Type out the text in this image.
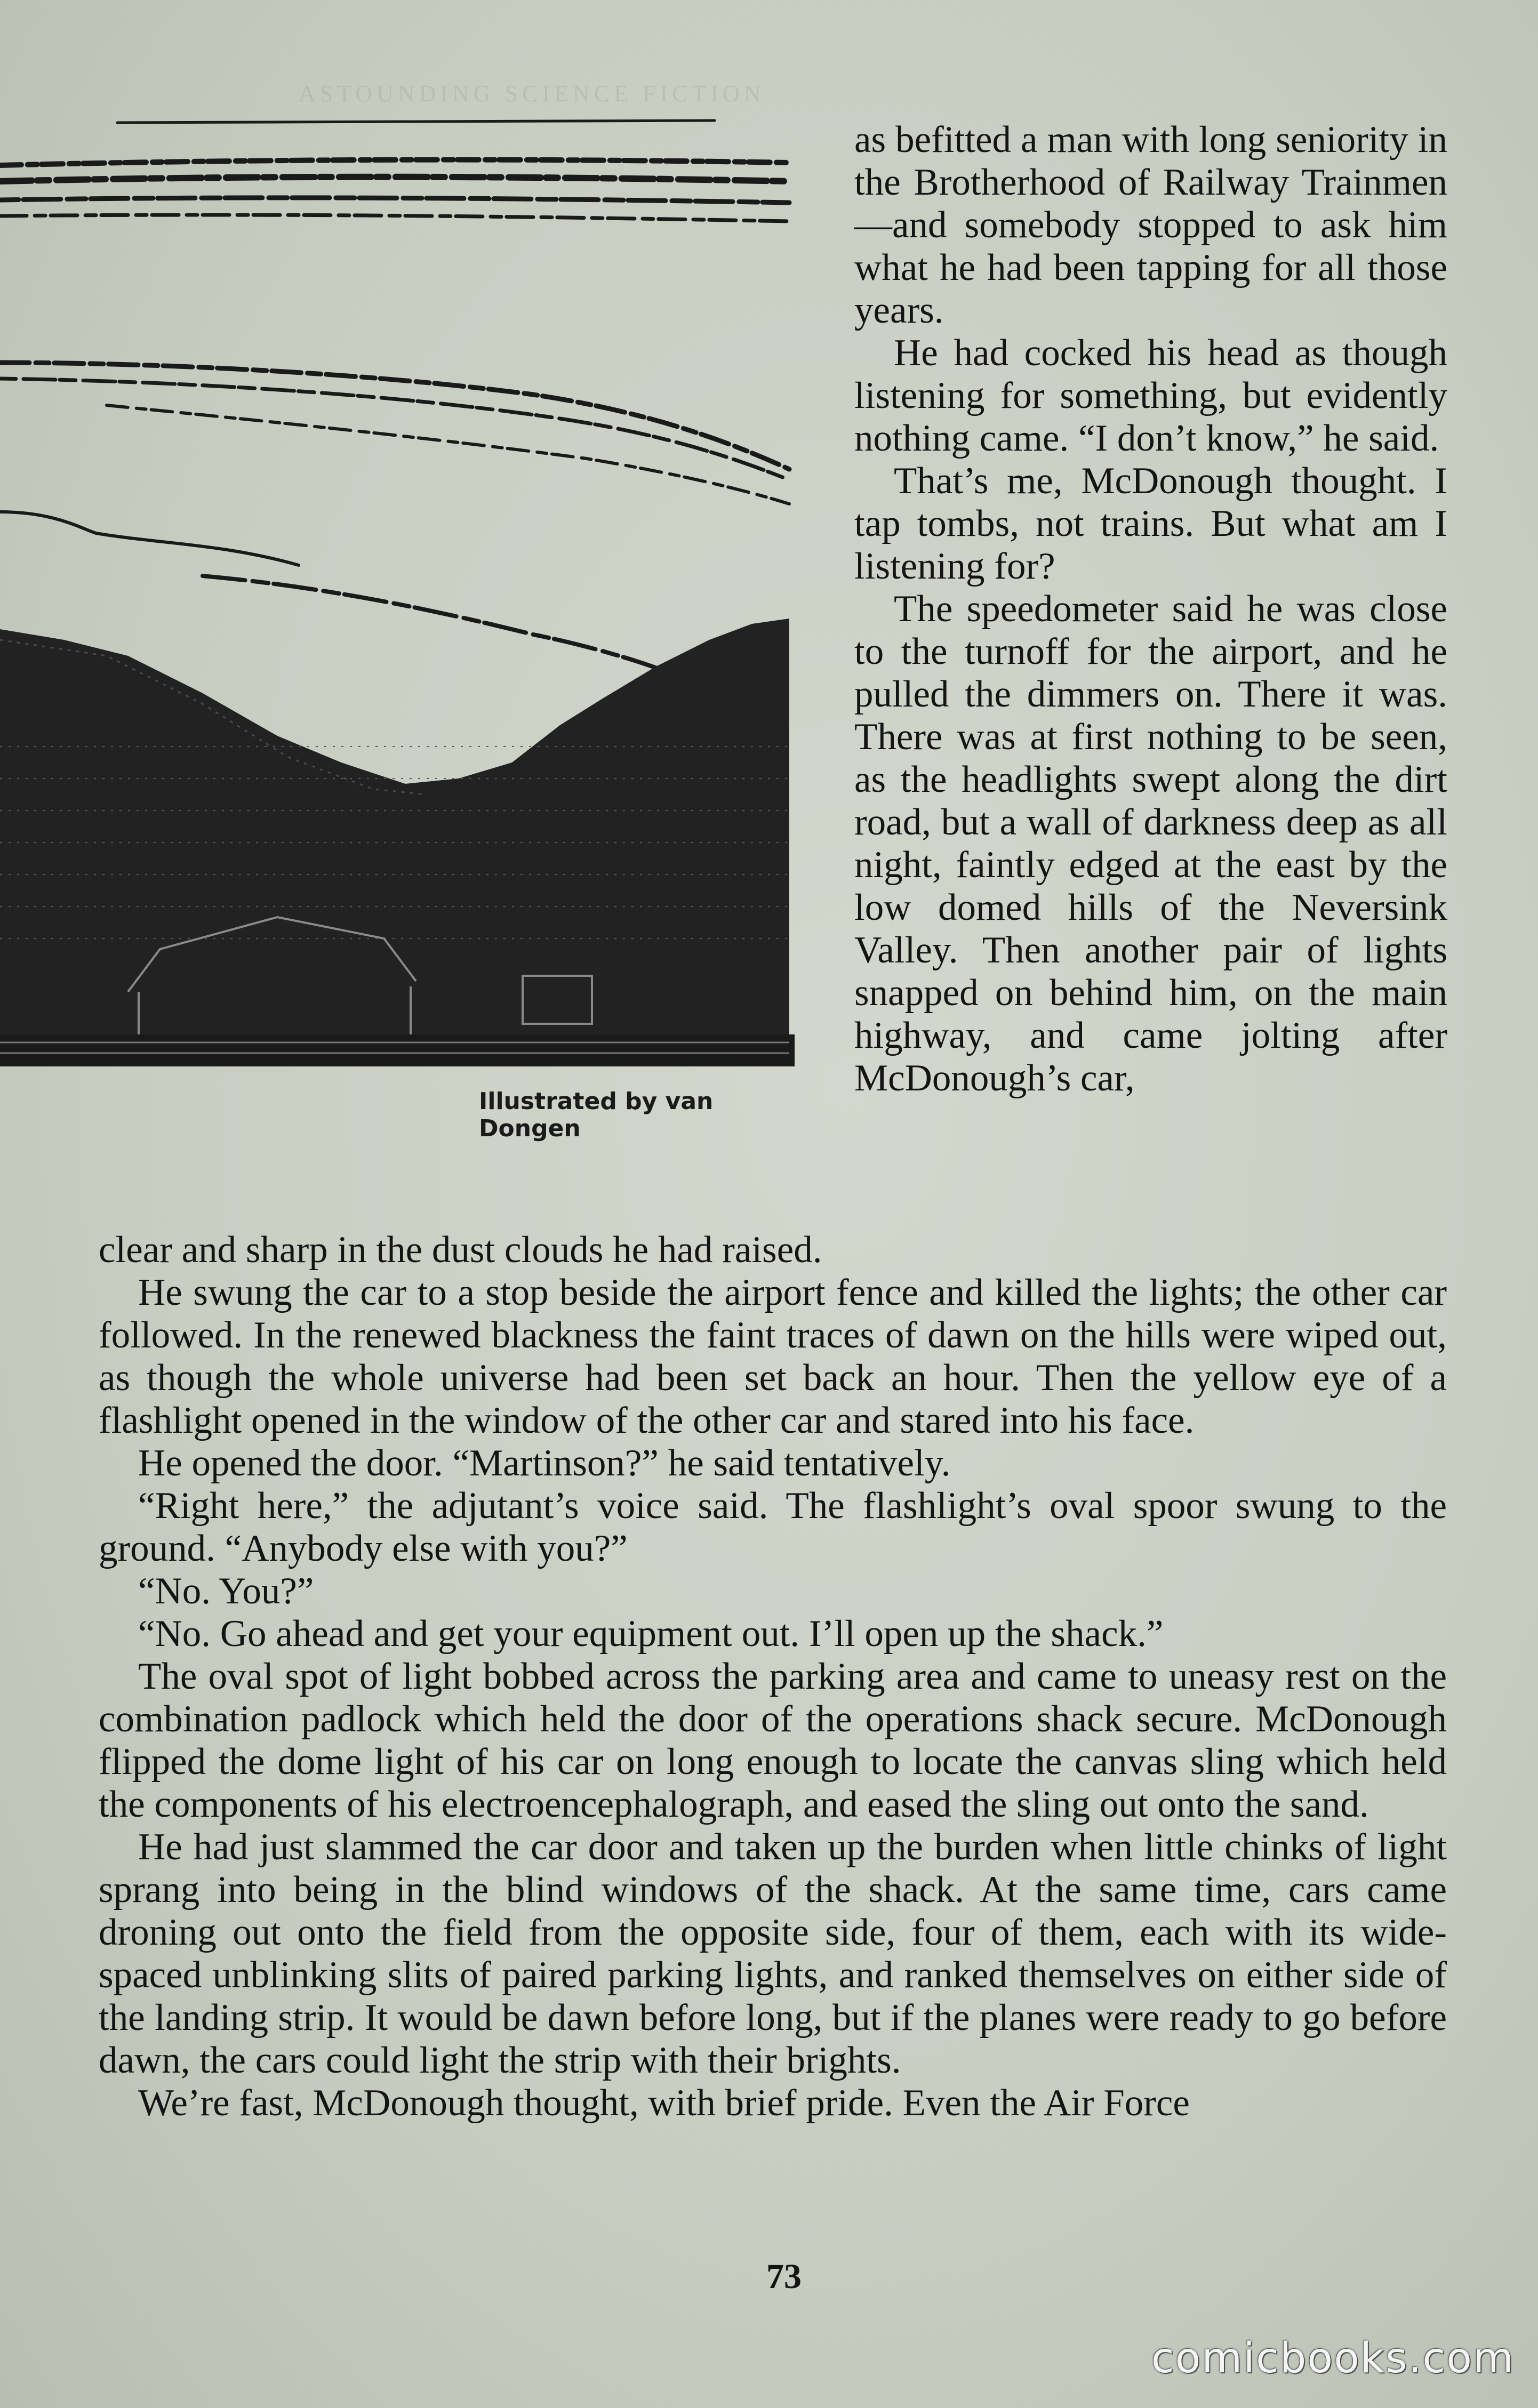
ASTOUNDING SCIENCE FICTION
Illustrated by van Dongen

as befitted a man with long seniority in the Brotherhood of Railway Trainmen—and somebody stopped to ask him what he had been tapping for all those years.

He had cocked his head as though listening for something, but evidently nothing came. “I don’t know,” he said.

That’s me, McDonough thought. I tap tombs, not trains. But what am I listening for?

The speedometer said he was close to the turnoff for the airport, and he pulled the dimmers on. There it was. There was at first nothing to be seen, as the headlights swept along the dirt road, but a wall of darkness deep as all night, faintly edged at the east by the low domed hills of the Neversink Valley. Then another pair of lights snapped on behind him, on the main highway, and came jolting after McDonough’s car,

clear and sharp in the dust clouds he had raised.

He swung the car to a stop beside the airport fence and killed the lights; the other car followed. In the renewed blackness the faint traces of dawn on the hills were wiped out, as though the whole universe had been set back an hour. Then the yellow eye of a flashlight opened in the window of the other car and stared into his face.

He opened the door. “Martinson?” he said tentatively.

“Right here,” the adjutant’s voice said. The flashlight’s oval spoor swung to the ground. “Anybody else with you?”

“No. You?”

“No. Go ahead and get your equipment out. I’ll open up the shack.”

The oval spot of light bobbed across the parking area and came to uneasy rest on the combination padlock which held the door of the operations shack secure. McDonough flipped the dome light of his car on long enough to locate the canvas sling which held the components of his electroencephalograph, and eased the sling out onto the sand.

He had just slammed the car door and taken up the burden when little chinks of light sprang into being in the blind windows of the shack. At the same time, cars came droning out onto the field from the opposite side, four of them, each with its wide-spaced unblinking slits of paired parking lights, and ranked themselves on either side of the landing strip. It would be dawn before long, but if the planes were ready to go before dawn, the cars could light the strip with their brights.

We’re fast, McDonough thought, with brief pride. Even the Air Force

73
comicbooks.com
